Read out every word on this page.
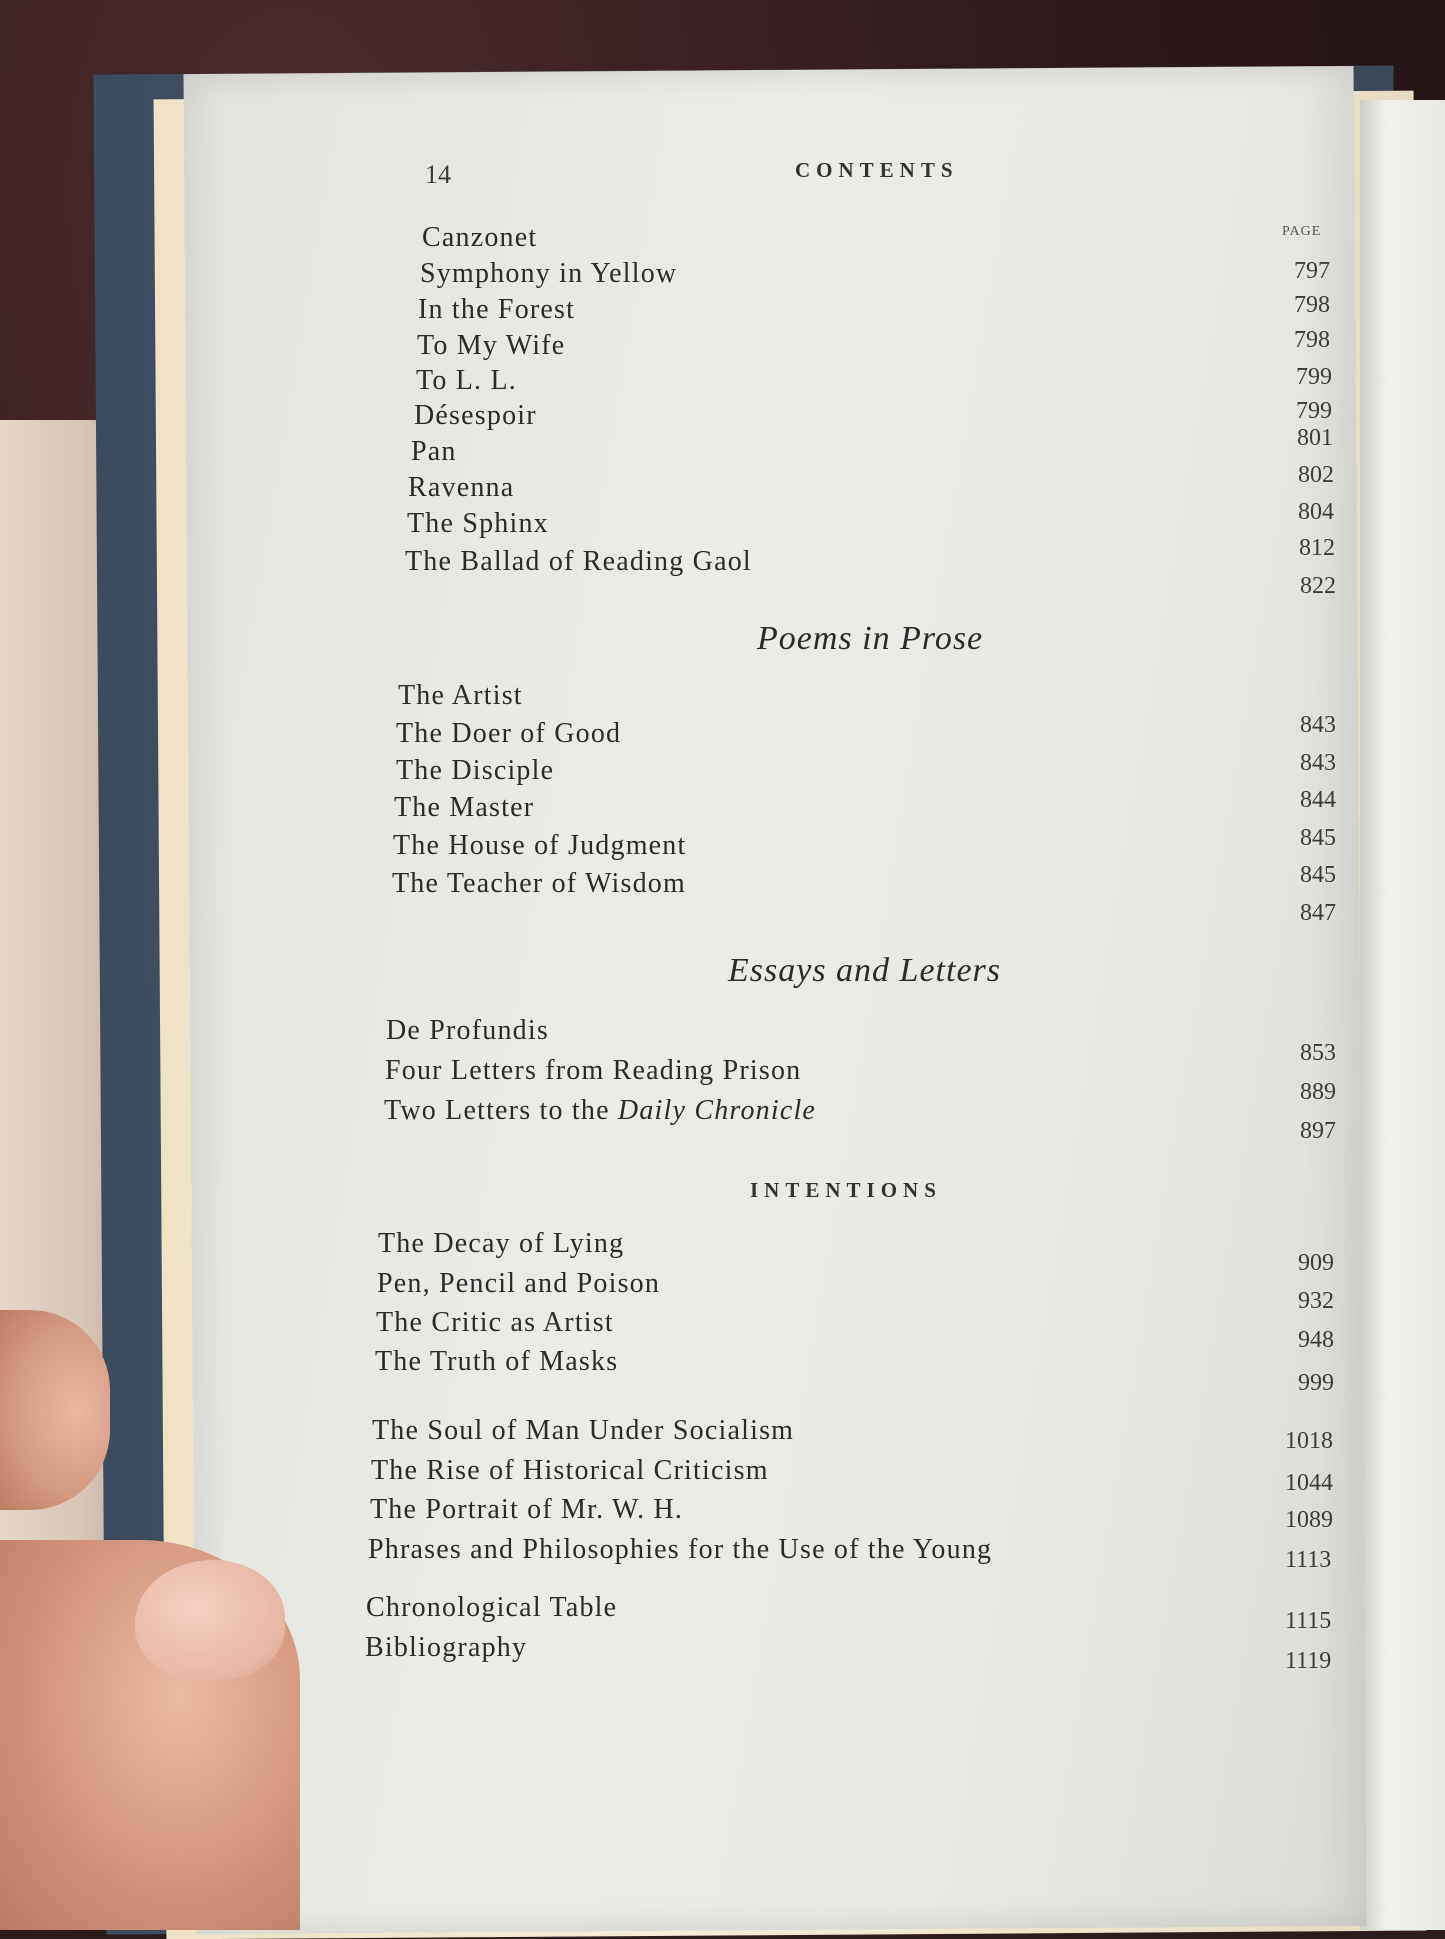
14	CONTENTS
PAGE
Canzonet
Symphony in Yellow
In the Forest
To My Wife
To L. L.
Désespoir
Pan
Ravenna
The Sphinx
The Ballad of Reading Gaol
797
798
798
799
799
801
802
804
812
822
Poems in Prose
The Artist
The Doer of Good
The Disciple
The Master
The House of Judgment
The Teacher of Wisdom
843
843
844
845
845
847
Essays and Letters
De Profundis
Four Letters from Reading Prison
Two Letters to the Daily Chronicle
853
889
897
INTENTIONS
The Decay of Lying
Pen, Pencil and Poison
The Critic as Artist
The Truth of Masks
909
932
948
999
The Soul of Man Under Socialism
The Rise of Historical Criticism
The Portrait of Mr. W. H.
Phrases and Philosophies for the Use of the Young
1018
1044
1089
1113
Chronological Table
Bibliography
1115
1119
